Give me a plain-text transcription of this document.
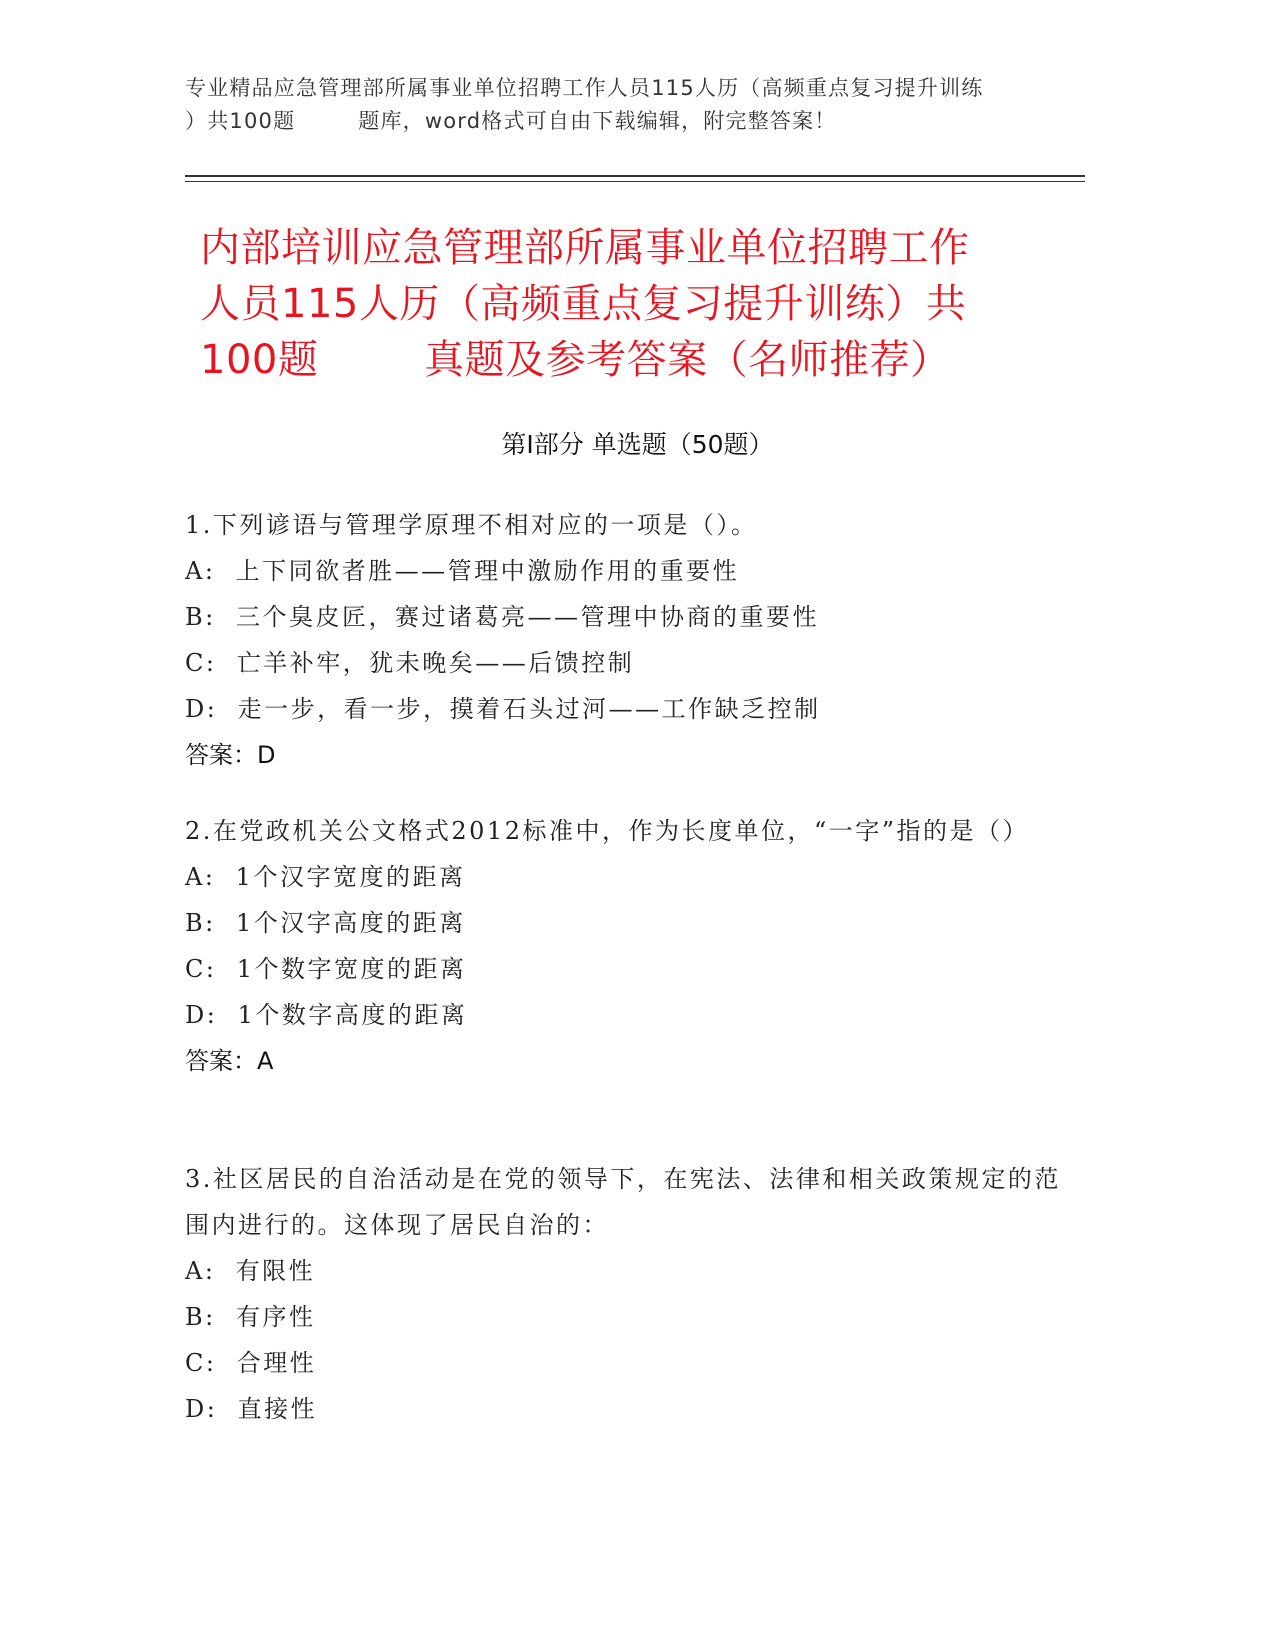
专业精品应急管理部所属事业单位招聘工作人员115人历（高频重点复习提升训练
）共100题        题库，word格式可自由下载编辑，附完整答案！
内部培训应急管理部所属事业单位招聘工作
人员115人历（高频重点复习提升训练）共
100题        真题及参考答案（名师推荐）
第Ⅰ部分 单选题（50题）
1.下列谚语与管理学原理不相对应的一项是（）。
A:  上下同欲者胜——管理中激励作用的重要性
B:  三个臭皮匠，赛过诸葛亮——管理中协商的重要性
C:  亡羊补牢，犹未晚矣——后馈控制
D:  走一步，看一步，摸着石头过河——工作缺乏控制
答案：D
2.在党政机关公文格式2012标准中，作为长度单位，“一字”指的是（）
A:  1个汉字宽度的距离
B:  1个汉字高度的距离
C:  1个数字宽度的距离
D:  1个数字高度的距离
答案：A
3.社区居民的自治活动是在党的领导下，在宪法、法律和相关政策规定的范围内进行的。这体现了居民自治的：
A:  有限性
B:  有序性
C:  合理性
D:  直接性
